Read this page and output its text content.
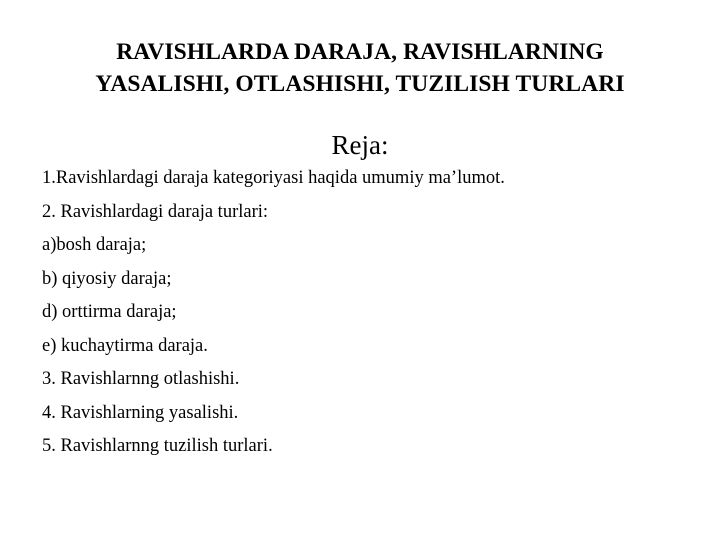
RAVISHLARDA DARAJA, RAVISHLARNING
YASALISHI, OTLASHISHI, TUZILISH TURLARI
Reja:
1.Ravishlardagi daraja kategoriyasi haqida umumiy ma’lumot.
2. Ravishlardagi daraja turlari:
a)bosh daraja;
b) qiyosiy daraja;
d) orttirma daraja;
e) kuchaytirma daraja.
3. Ravishlarnng otlashishi.
4. Ravishlarning yasalishi.
5. Ravishlarnng tuzilish turlari.
